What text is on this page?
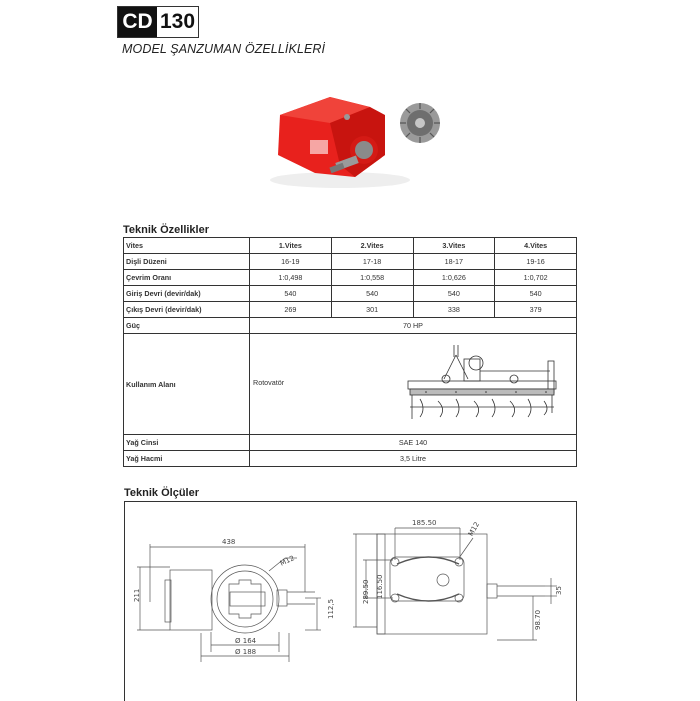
CD 130
MODEL ŞANZUMAN ÖZELLİKLERİ
Teknik Özellikler
Vites	1.Vites	2.Vites	3.Vites	4.Vites
Dişli Düzeni	16-19	17-18	18-17	19-16
Çevrim Oranı	1:0,498	1:0,558	1:0,626	1:0,702
Giriş Devri (devir/dak)	540	540	540	540
Çıkış Devri (devir/dak)	269	301	338	379
Güç	70 HP			
Kullanım Alanı	Rotovatör			

Yağ Cinsi	SAE 140			
Yağ Hacmi	3,5 Litre			
Teknik Ölçüler
438
211
M12
112,5
Ø 164
Ø 188
185.50	M12
289.50 116.50	35
98.70
